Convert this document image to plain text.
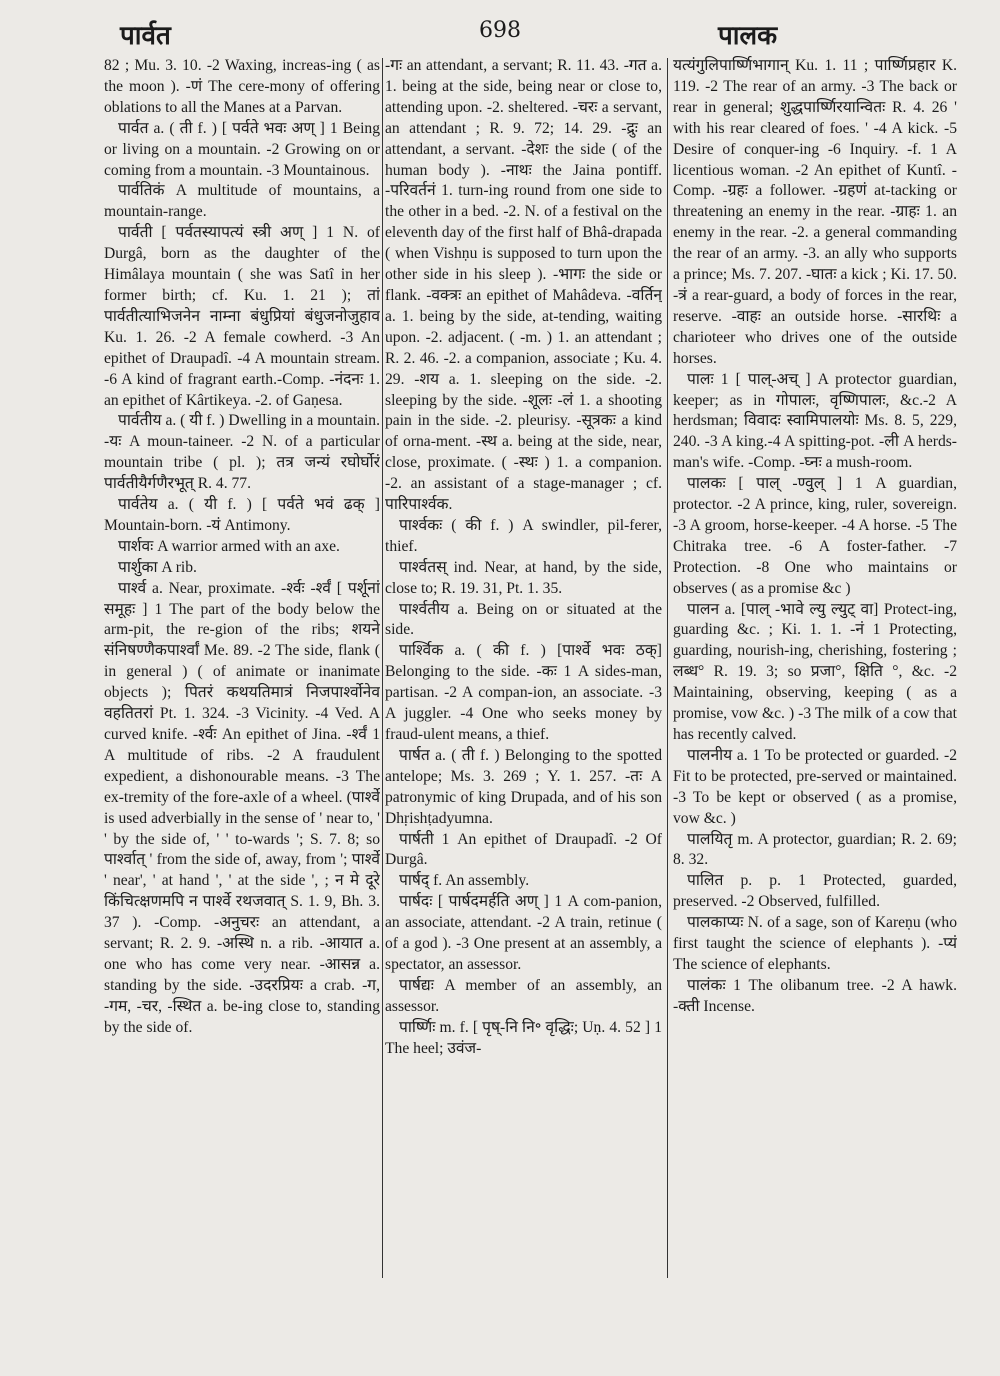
पार्वत	698	पालक

82 ; Mu. 3. 10. -2 Waxing, increas-ing ( as the moon ). -णं The cere-mony of offering oblations to all the Manes at a Parvan.

पार्वत a. ( ती f. ) [ पर्वते भवः अण् ] 1 Being or living on a mountain. -2 Growing on or coming from a mountain. -3 Mountainous.

पार्वतिकं A multitude of mountains, a mountain-range.

पार्वती [ पर्वतस्यापत्यं स्त्री अण् ] 1 N. of Durgâ, born as the daughter of the Himâlaya mountain ( she was Satî in her former birth; cf. Ku. 1. 21 ); तां पार्वतीत्याभिजनेन नाम्ना बंधुप्रियां बंधुजनोजुहाव Ku. 1. 26. -2 A female cowherd. -3 An epithet of Draupadî. -4 A mountain stream. -6 A kind of fragrant earth.-Comp. -नंदनः 1. an epithet of Kârtikeya. -2. of Gaṇesa.

पार्वतीय a. ( यी f. ) Dwelling in a mountain. -यः A moun-taineer. -2 N. of a particular mountain tribe ( pl. ); तत्र जन्यं रघोर्घोरं पार्वतीयैर्गणैरभूत् R. 4. 77.

पार्वतेय a. ( यी f. ) [ पर्वते भवं ढक् ] Mountain-born. -यं Antimony.

पार्शवः A warrior armed with an axe.

पार्शुका A rib.

पार्श्व a. Near, proximate. -र्श्वः -र्श्वं [ पर्शूनां समूहः ] 1 The part of the body below the arm-pit, the re-gion of the ribs; शयने संनिषण्णैकपार्श्वां Me. 89. -2 The side, flank ( in general ) ( of animate or inanimate objects ); पितरं कथयतिमात्रं निजपार्श्वोनेव वहतितरां Pt. 1. 324. -3 Vicinity. -4 Ved. A curved knife. -र्श्वः An epithet of Jina. -र्श्वं 1 A multitude of ribs. -2 A fraudulent expedient, a dishonourable means. -3 The ex-tremity of the fore-axle of a wheel. (पार्श्वे is used adverbially in the sense of ' near to, ' ' by the side of, ' ' to-wards '; S. 7. 8; so पार्श्वात् ' from the side of, away, from '; पार्श्वे ' near', ' at hand ', ' at the side ', ; न मे दूरे किंचित्क्षणमपि न पार्श्वे रथजवात् S. 1. 9, Bh. 3. 37 ). -Comp. -अनुचरः an attendant, a servant; R. 2. 9. -अस्थि n. a rib. -आयात a. one who has come very near. -आसन्न a. standing by the side. -उदरप्रियः a crab. -ग, -गम, -चर, -स्थित a. be-ing close to, standing by the side of.

-गः an attendant, a servant; R. 11. 43. -गत a. 1. being at the side, being near or close to, attending upon. -2. sheltered. -चरः a servant, an attendant ; R. 9. 72; 14. 29. -द्रुः an attendant, a servant. -देशः the side ( of the human body ). -नाथः the Jaina pontiff. -परिवर्तनं 1. turn-ing round from one side to the other in a bed. -2. N. of a festival on the eleventh day of the first half of Bhâ-drapada ( when Vishṇu is supposed to turn upon the other side in his sleep ). -भागः the side or flank. -वक्त्रः an epithet of Mahâdeva. -वर्तिन् a. 1. being by the side, at-tending, waiting upon. -2. adjacent. ( -m. ) 1. an attendant ; R. 2. 46. -2. a companion, associate ; Ku. 4. 29. -शय a. 1. sleeping on the side. -2. sleeping by the side. -शूलः -लं 1. a shooting pain in the side. -2. pleurisy. -सूत्रकः a kind of orna-ment. -स्थ a. being at the side, near, close, proximate. ( -स्थः ) 1. a companion. -2. an assistant of a stage-manager ; cf. पारिपार्श्वक.

पार्श्वकः ( की f. ) A swindler, pil-ferer, thief.

पार्श्वतस् ind. Near, at hand, by the side, close to; R. 19. 31, Pt. 1. 35.

पार्श्वतीय a. Being on or situated at the side.

पार्श्विक a. ( की f. ) [पार्श्वे भवः ठक्] Belonging to the side. -कः 1 A sides-man, partisan. -2 A compan-ion, an associate. -3 A juggler. -4 One who seeks money by fraud-ulent means, a thief.

पार्षत a. ( ती f. ) Belonging to the spotted antelope; Ms. 3. 269 ; Y. 1. 257. -तः A patronymic of king Drupada, and of his son Dhṛishṭadyumna.

पार्षती 1 An epithet of Draupadî. -2 Of Durgâ.

पार्षद् f. An assembly.

पार्षदः [ पार्षदमर्हति अण् ] 1 A com-panion, an associate, attendant. -2 A train, retinue ( of a god ). -3 One present at an assembly, a spectator, an assessor.

पार्षद्यः A member of an assembly, an assessor.

पार्ष्णिः m. f. [ पृष्-नि नि॰ वृद्धिः; Uṇ. 4. 52 ] 1 The heel; उवंज-

यत्यंगुलिपार्ष्णिभागान् Ku. 1. 11 ; पार्ष्णिप्रहार K. 119. -2 The rear of an army. -3 The back or rear in general; शुद्धपार्ष्णिरयान्वितः R. 4. 26 ' with his rear cleared of foes. ' -4 A kick. -5 Desire of conquer-ing -6 Inquiry. -f. 1 A licentious woman. -2 An epithet of Kuntî. -Comp. -ग्रहः a follower. -ग्रहणं at-tacking or threatening an enemy in the rear. -ग्राहः 1. an enemy in the rear. -2. a general commanding the rear of an army. -3. an ally who supports a prince; Ms. 7. 207. -घातः a kick ; Ki. 17. 50. -त्रं a rear-guard, a body of forces in the rear, reserve. -वाहः an outside horse. -सारथिः a charioteer who drives one of the outside horses.

पालः 1 [ पाल्-अच् ] A protector guardian, keeper; as in गोपालः, वृष्णिपालः, &c.-2 A herdsman; विवादः स्वामिपालयोः Ms. 8. 5, 229, 240. -3 A king.-4 A spitting-pot. -ली A herds-man's wife. -Comp. -घ्नः a mush-room.

पालकः [ पाल् -ण्वुल् ] 1 A guardian, protector. -2 A prince, king, ruler, sovereign. -3 A groom, horse-keeper. -4 A horse. -5 The Chitraka tree. -6 A foster-father. -7 Protection. -8 One who maintains or observes ( as a promise &c )

पालन a. [पाल् -भावे ल्यु ल्युट् वा] Protect-ing, guarding &c. ; Ki. 1. 1. -नं 1 Protecting, guarding, nourish-ing, cherishing, fostering ; लब्ध° R. 19. 3; so प्रजा°, क्षिति °, &c. -2 Maintaining, observing, keeping ( as a promise, vow &c. ) -3 The milk of a cow that has recently calved.

पालनीय a. 1 To be protected or guarded. -2 Fit to be protected, pre-served or maintained. -3 To be kept or observed ( as a promise, vow &c. )

पालयितृ m. A protector, guardian; R. 2. 69; 8. 32.

पालित p. p. 1 Protected, guarded, preserved. -2 Observed, fulfilled.

पालकाप्यः N. of a sage, son of Kareṇu (who first taught the science of elephants ). -प्यं The science of elephants.

पालंकः 1 The olibanum tree. -2 A hawk. -क्ती Incense.
